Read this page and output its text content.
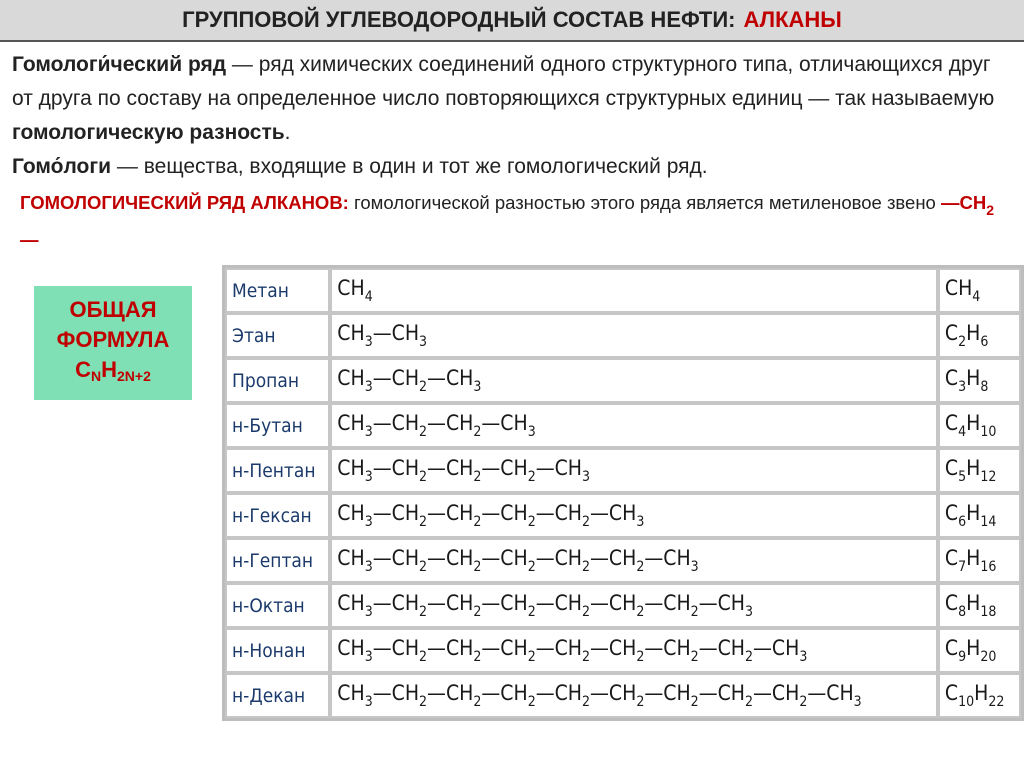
ГРУППОВОЙ УГЛЕВОДОРОДНЫЙ СОСТАВ НЕФТИ: АЛКАНЫ
Гомологи́ческий ряд — ряд химических соединений одного структурного типа, отличающихся друг от друга по составу на определенное число повторяющихся структурных единиц — так называемую гомологическую разность.
Гомо́логи — вещества, входящие в один и тот же гомологический ряд.
ГОМОЛОГИЧЕСКИЙ РЯД АЛКАНОВ: гомологической разностью этого ряда является метиленовое звено $—CH_2—$
ОБЩАЯ
ФОРМУЛА
$C_NH_{2N+2}$
Метан	$CH_4$	$CH_4$
Этан	$CH_3—CH_3$	$C_2H_6$
Пропан	$CH_3—CH_2—CH_3$	$C_3H_8$
н-Бутан	$CH_3—CH_2—CH_2—CH_3$	$C_4H_{10}$
н-Пентан	$CH_3—CH_2—CH_2—CH_2—CH_3$	$C_5H_{12}$
н-Гексан	$CH_3—CH_2—CH_2—CH_2—CH_2—CH_3$	$C_6H_{14}$
н-Гептан	$CH_3—CH_2—CH_2—CH_2—CH_2—CH_2—CH_3$	$C_7H_{16}$
н-Октан	$CH_3—CH_2—CH_2—CH_2—CH_2—CH_2—CH_2—CH_3$	$C_8H_{18}$
н-Нонан	$CH_3—CH_2—CH_2—CH_2—CH_2—CH_2—CH_2—CH_2—CH_3$	$C_9H_{20}$
н-Декан	$CH_3—CH_2—CH_2—CH_2—CH_2—CH_2—CH_2—CH_2—CH_2—CH_3$	$C_{10}H_{22}$
